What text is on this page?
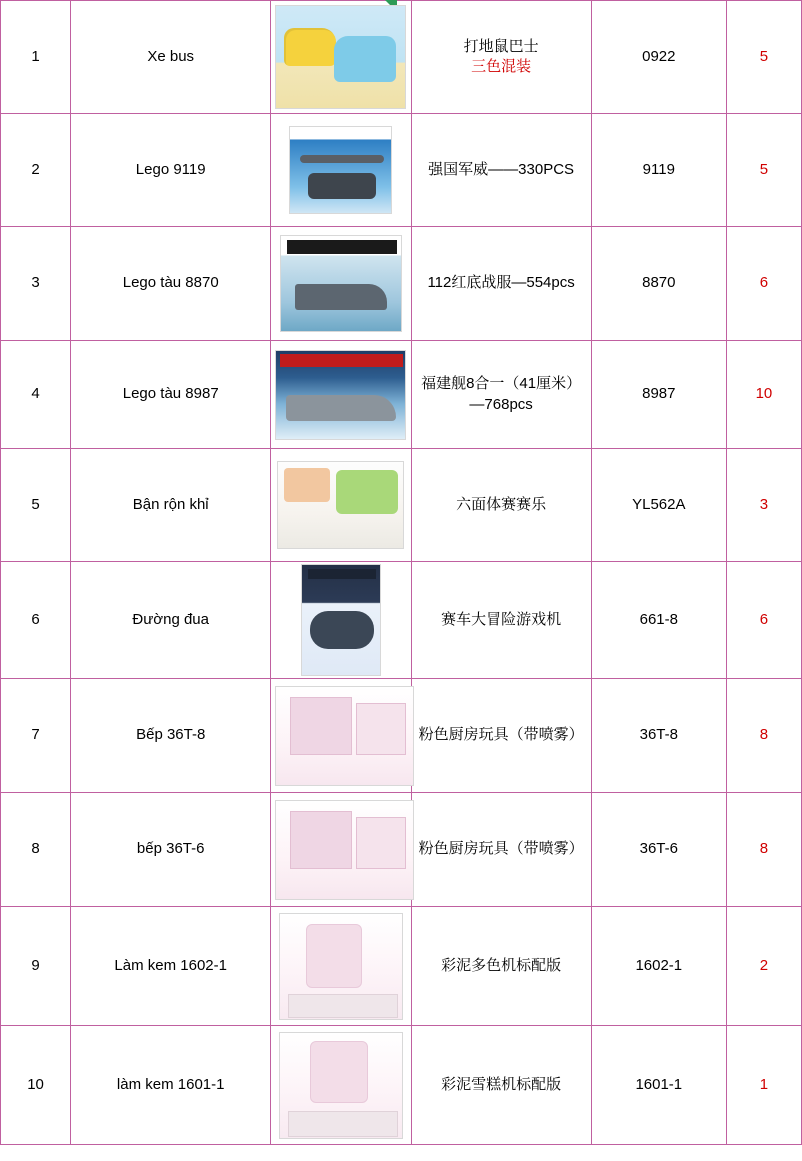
1	Xe bus		打地鼠巴士
三色混装	0922	5
2	Lego 9119		强国军威——330PCS	9119	5
3	Lego tàu 8870		112红底战服—554pcs	8870	6
4	Lego tàu 8987		福建舰8合一（41厘米）—768pcs	8987	10
5	Bận rộn khỉ		六面体赛赛乐	YL562A	3
6	Đường đua		赛车大冒险游戏机	661-8	6
7	Bếp 36T-8		粉色厨房玩具（带喷雾）	36T-8	8
8	bếp 36T-6		粉色厨房玩具（带喷雾）	36T-6	8
9	Làm kem 1602-1		彩泥多色机标配版	1602-1	2
10	làm kem 1601-1		彩泥雪糕机标配版	1601-1	1
